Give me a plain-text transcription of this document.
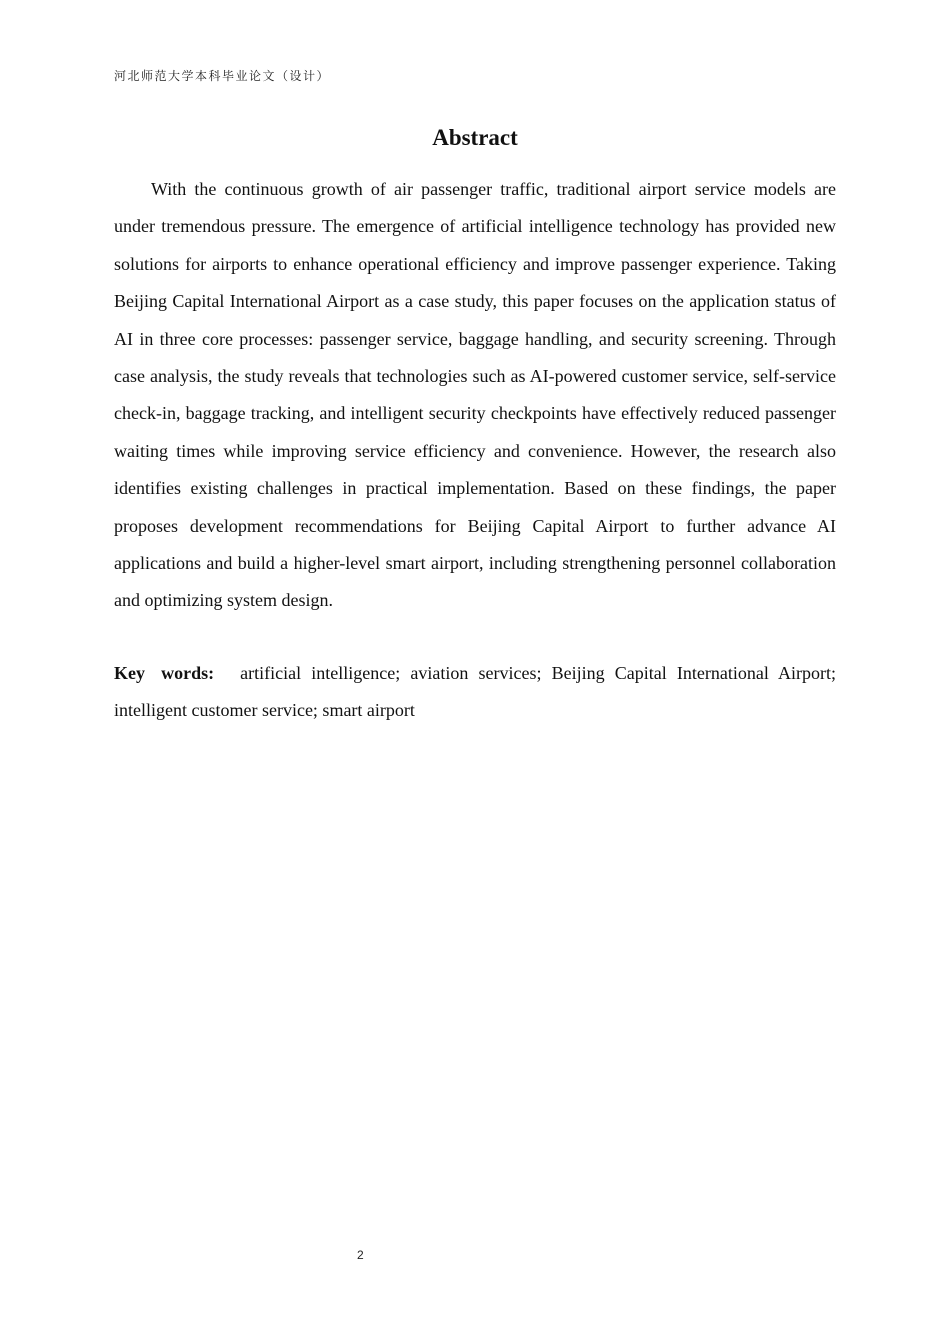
河北师范大学本科毕业论文（设计）
Abstract

With the continuous growth of air passenger traffic, traditional airport service models are under tremendous pressure. The emergence of artificial intelligence technology has provided new solutions for airports to enhance operational efficiency and improve passenger experience. Taking Beijing Capital International Airport as a case study, this paper focuses on the application status of AI in three core processes: passenger service, baggage handling, and security screening. Through case analysis, the study reveals that technologies such as AI-powered customer service, self-service check-in, baggage tracking, and intelligent security checkpoints have effectively reduced passenger waiting times while improving service efficiency and convenience. However, the research also identifies existing challenges in practical implementation. Based on these findings, the paper proposes development recommendations for Beijing Capital Airport to further advance AI applications and build a higher-level smart airport, including strengthening personnel collaboration and optimizing system design.

Key words: artificial intelligence; aviation services; Beijing Capital International Airport; intelligent customer service; smart airport

2
